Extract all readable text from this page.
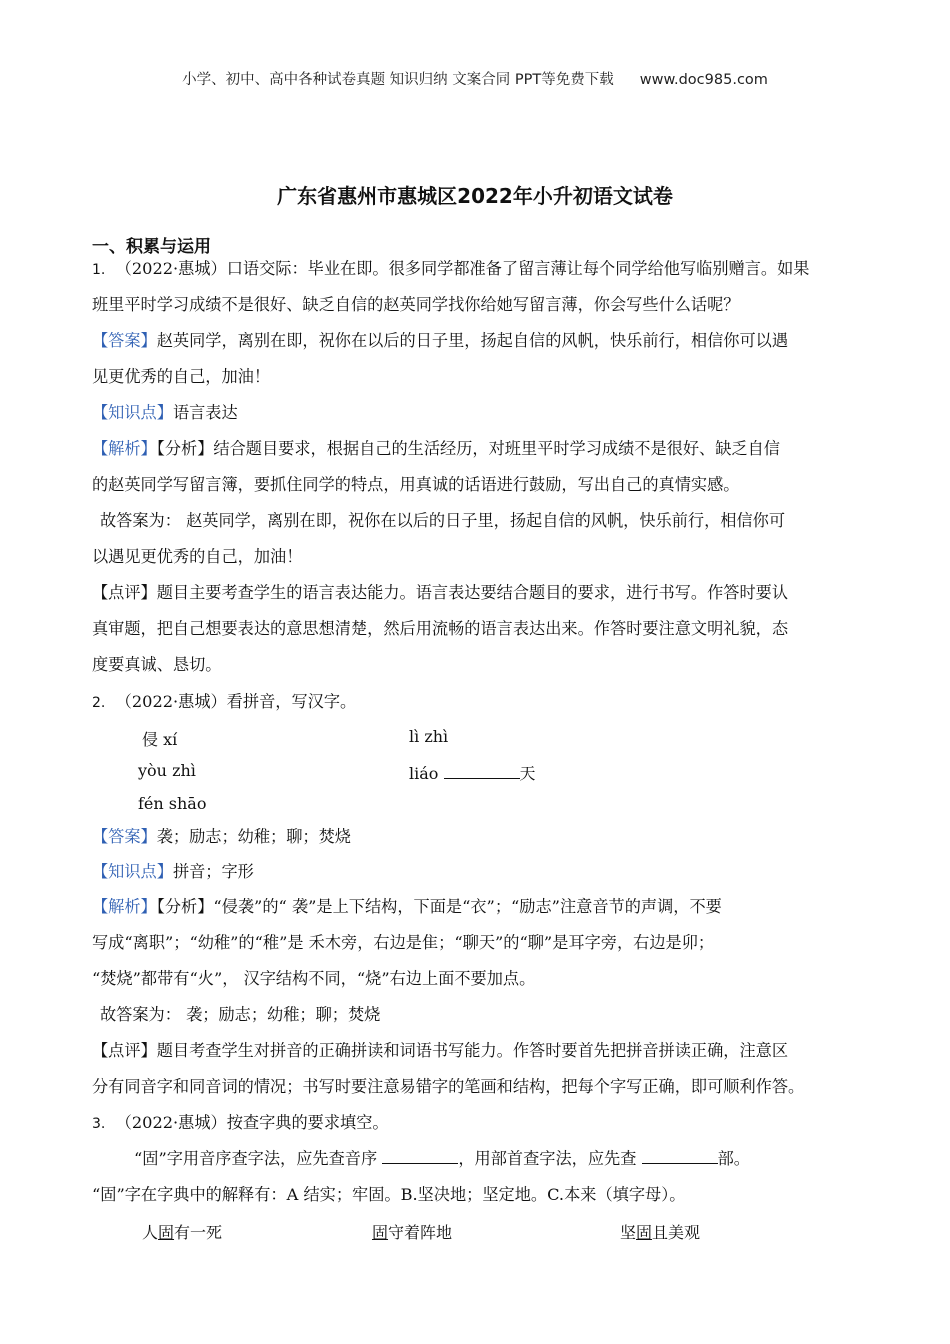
小学、初中、高中各种试卷真题 知识归纳 文案合同 PPT等免费下载 www.doc985.com
广东省惠州市惠城区2022年小升初语文试卷
一、积累与运用
1. （2022·惠城）口语交际：毕业在即。很多同学都准备了留言薄让每个同学给他写临别赠言。如果
班里平时学习成绩不是很好、缺乏自信的赵英同学找你给她写留言薄，你会写些什么话呢？
【答案】赵英同学，离别在即，祝你在以后的日子里，扬起自信的风帆，快乐前行，相信你可以遇
见更优秀的自己，加油！
【知识点】语言表达
【解析】【分析】结合题目要求，根据自己的生活经历，对班里平时学习成绩不是很好、缺乏自信
的赵英同学写留言簿，要抓住同学的特点，用真诚的话语进行鼓励，写出自己的真情实感。
故答案为： 赵英同学，离别在即，祝你在以后的日子里，扬起自信的风帆，快乐前行，相信你可
以遇见更优秀的自己，加油！
【点评】题目主要考查学生的语言表达能力。语言表达要结合题目的要求，进行书写。作答时要认
真审题，把自己想要表达的意思想清楚，然后用流畅的语言表达出来。作答时要注意文明礼貌，态
度要真诚、恳切。
2. （2022·惠城）看拼音，写汉字。
侵 xí	lì zhì
yòu zhì	liáo	天
fén shāo
【答案】袭；励志；幼稚；聊；焚烧
【知识点】拼音；字形
【解析】【分析】“侵袭”的“ 袭”是上下结构，下面是“衣”；“励志”注意音节的声调，不要
写成“离职”；“幼稚”的“稚”是 禾木旁，右边是隹；“聊天”的“聊”是耳字旁，右边是卯；
“焚烧”都带有“火”， 汉字结构不同，“烧”右边上面不要加点。
故答案为： 袭；励志；幼稚；聊；焚烧
【点评】题目考查学生对拼音的正确拼读和词语书写能力。作答时要首先把拼音拼读正确，注意区
分有同音字和同音词的情况；书写时要注意易错字的笔画和结构，把每个字写正确，即可顺利作答。
3. （2022·惠城）按查字典的要求填空。
“固”字用音序查字法，应先查音序	，用部首查字法，应先查	部。
“固”字在字典中的解释有：A 结实；牢固。B.坚决地；坚定地。C.本来（填字母）。
人固有一死	固守着阵地	坚固且美观
